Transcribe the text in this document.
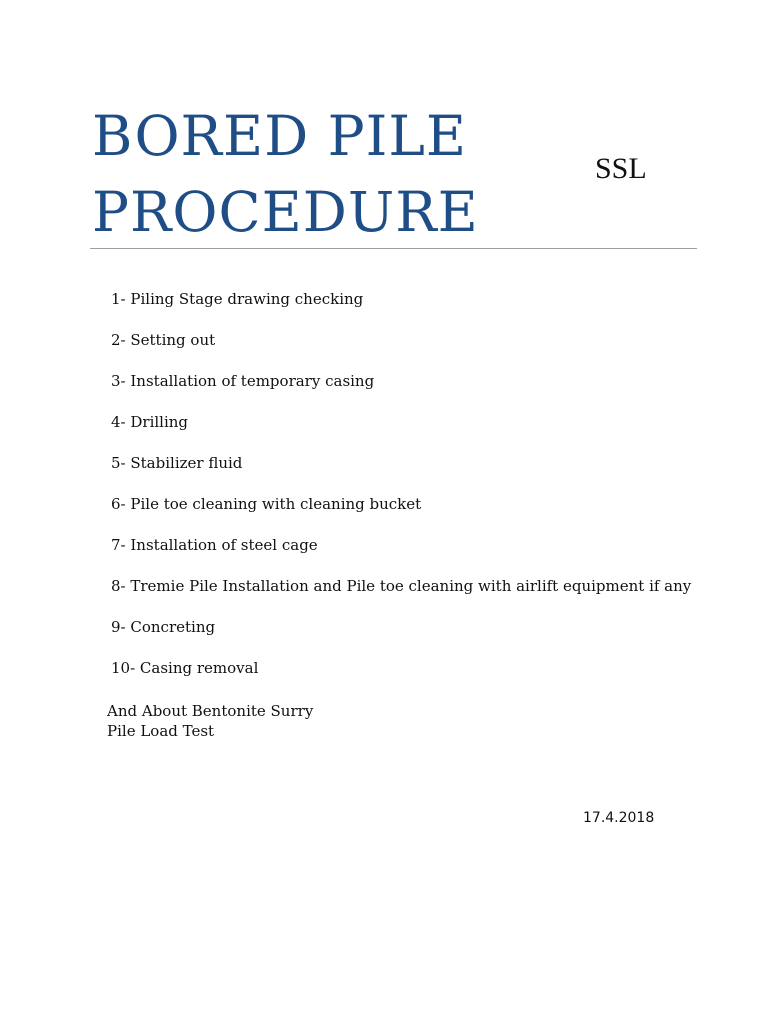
BORED PILE
PROCEDURE
SSL
1- Piling Stage drawing checking
2- Setting out
3- Installation of temporary casing
4- Drilling
5- Stabilizer fluid
6- Pile toe cleaning with cleaning bucket
7- Installation of steel cage
8- Tremie Pile Installation and Pile toe cleaning with airlift equipment if any
9- Concreting
10- Casing removal
And About Bentonite Surry
Pile Load Test
17.4.2018
